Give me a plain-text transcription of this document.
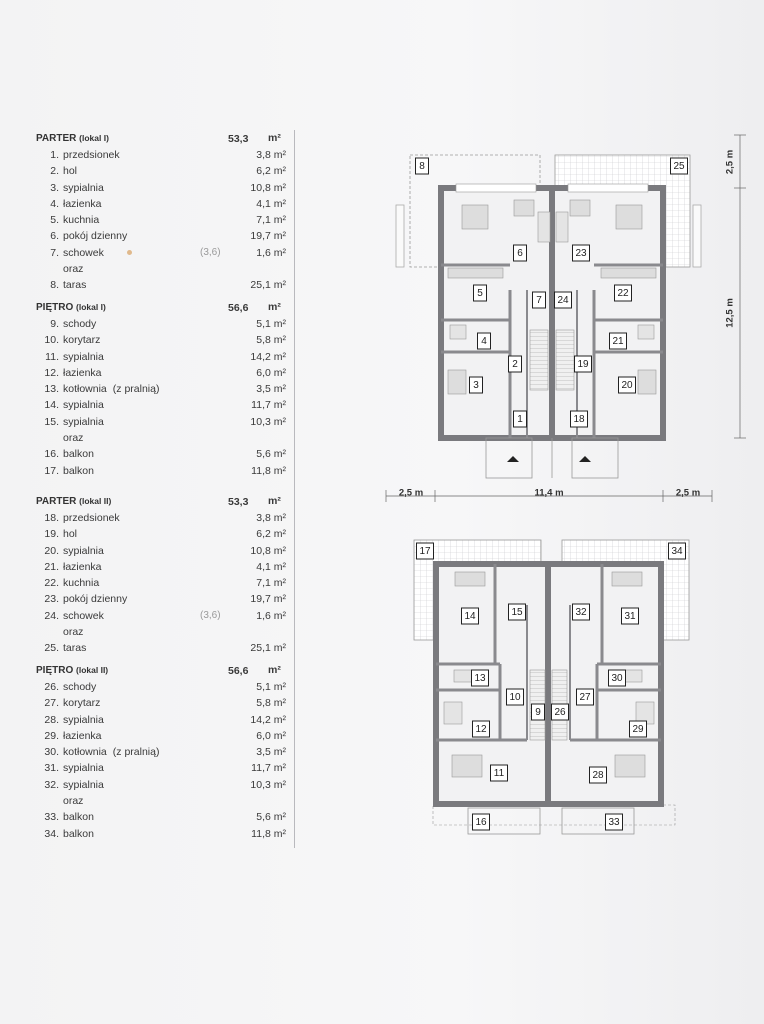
PARTER (lokal I)	53,3 m²
1. przedsionek	3,8 m²
2. hol	6,2 m²
3. sypialnia	10,8 m²
4. łazienka	4,1 m²
5. kuchnia	7,1 m²
6. pokój dzienny	19,7 m²
7. schowek	(3,6)	1,6 m²
oraz
8. taras	25,1 m²
PIĘTRO (lokal I)	56,6 m²
9. schody	5,1 m²
10. korytarz	5,8 m²
11. sypialnia	14,2 m²
12. łazienka	6,0 m²
13. kotłownia (z pralnią)	3,5 m²
14. sypialnia	11,7 m²
15. sypialnia	10,3 m²
oraz
16. balkon	5,6 m²
17. balkon	11,8 m²
PARTER (lokal II)	53,3 m²
18. przedsionek	3,8 m²
19. hol	6,2 m²
20. sypialnia	10,8 m²
21. łazienka	4,1 m²
22. kuchnia	7,1 m²
23. pokój dzienny	19,7 m²
24. schowek	(3,6)	1,6 m²
oraz
25. taras	25,1 m²
PIĘTRO (lokal II)	56,6 m²
26. schody	5,1 m²
27. korytarz	5,8 m²
28. sypialnia	14,2 m²
29. łazienka	6,0 m²
30. kotłownia (z pralnią)	3,5 m²
31. sypialnia	11,7 m²
32. sypialnia	10,3 m²
oraz
33. balkon	5,6 m²
34. balkon	11,8 m²
2,5 m
12,5 m
2,5 m	11,4 m	2,5 m
1
2
3
4
5
6
7
8
18
19
20
21
22
23
24
25
9
10
11
12
13
14	15
16
17
26
27
28
29
30
31
32
33
34
